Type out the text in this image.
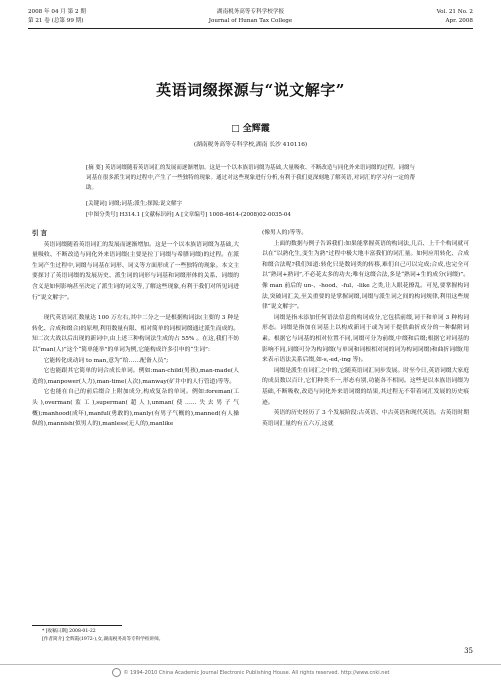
2008 年 04 月 第 2 期
第 21 卷 (总第 99 期)
湖南税务高等专科学校学报
Journal of Hunan Tax College
Vol. 21 No. 2
Apr. 2008
英语词缀探源与“说文解字”
□ 全辉霞
(湖南税务高等专科学校,湖南 长沙 410116)
[摘 要] 英语词缀随着英语词汇的发展而逐渐增加。这是一个以本族语词缀为基础,大量吸收、不断改造与同化外来语词缀的过程。词缀与词基在很多派生词的过程中,产生了一些独特的现象。通过对这些现象进行分析,有利于我们更深刻地了解英语,对词汇的学习有一定的帮助。
[关键词] 词缀;词基;派生;探源;说文解字
[中图分类号] H314.1 [文献标识码] A [文章编号] 1008-4614-(2008)02-0035-04
引 言

英语词缀随着英语词汇的发展而逐渐增加。这是一个以本族语词缀为基础,大量吸收、不断改造与同化外来语词缀(主要是拉丁词缀与希腊词缀)的过程。在派生词产生过程中,词缀与词基在词形、词义等方面形成了一些独特的现象。本文主要探讨了英语词缀的发展历史、派生词的词形与词基和词缀形体的关系、词缀的含义是如何影响甚至决定了派生词的词义等,了解这些现象,有利于我们对所见词进行“说文解字”。

现代英语词汇数量达 100 万左右,其中二分之一是根据构词法(主要的 3 种是转化、合成和缀合)的原理,利用数量有限、相对简单的词根词缀通过派生而成的。知二次大战以后出现的新词中,由上述三种构词法生成的占 55% 。在这,我们不妨以“man(人)”这个“简单能举”的单词为例,它能构成许多引申的“生词”:

它能转化成动词 to man,意为“给……配备人员”;

它也能跟其它简单的词合成长单词。例如:man-child(男孩),man-made(人造的),manpower(人力),man-time(人次),manway(矿井中的人行管道)等等。

它也能在自己的前后缀合上附加成分,构成复杂的单词。例如:foreman(工头),overman(监工),superman(超人),unman(使……失去男子气概);manhood(成年),manful(勇敢的),manly(有男子气概的),manned(有人操纵的),mannish(似男人的),manless(无人的),manlike

(像男人的)等等。

上面的数据与例子告诉我们:如果能掌握英语的构词法,几百、上千个构词就可以在“以熟化生,变生为熟”过程中极大地丰富我们的词汇量。如何应用转化、合成和缀合法呢?我们知道:转化只是数词类的转移,难们自己可以完成;合成,也完全可以“熟词+熟词”,不必花太多的功夫;唯有这缀合法,多是“熟词+生的成分(词缀)”。像 man 前后的 un-、-hood、-ful、-like 之类,让人眼花撩乱。可见,要掌握构词法,突破词汇关,至关重要的是掌握词缀,词缀与派生词之间的构词规律,利用这些规律“说文解字”。

词缀是指未添加任何语法信息的构词成分,它包括前缀,词干和单词 3 种构词形态。词缀是指加在词基上以构成新词于或为词干提供曲折成分的一种黏附词素。根据它与词基的相对位置不同,词缀可分为前缀,中缀和后缀;根据它对词基的影响不同,词缀可分为构词缀(与单词和词根相对词的词为构词词缀)和曲折词缀(用来表示语法关系后缀,如-s,-ed,-ing 等)。

词缀是派生在词汇之中的,它随英语词汇同步发展。时至今日,英语词缀大家庭的成员数以百计,它们种类不一,形态有别,功能各不相同。这些是以本族语词缀为基础,不断吸收,改造与同化外来语词缀的结果,其过程无不带着词汇发展的历史痕迹。

英语的历史经历了 3 个发展阶段:古英语、中古英语和现代英语。古英语时期英语词汇量约有五六万,这就

* [收稿日期] 2008-01-22
[作者简介] 全辉霞(1972-),女,湖南税务高等专科学校讲师。
35
© 1994-2010 China Academic Journal Electronic Publishing House. All rights reserved. http://www.cnki.net
